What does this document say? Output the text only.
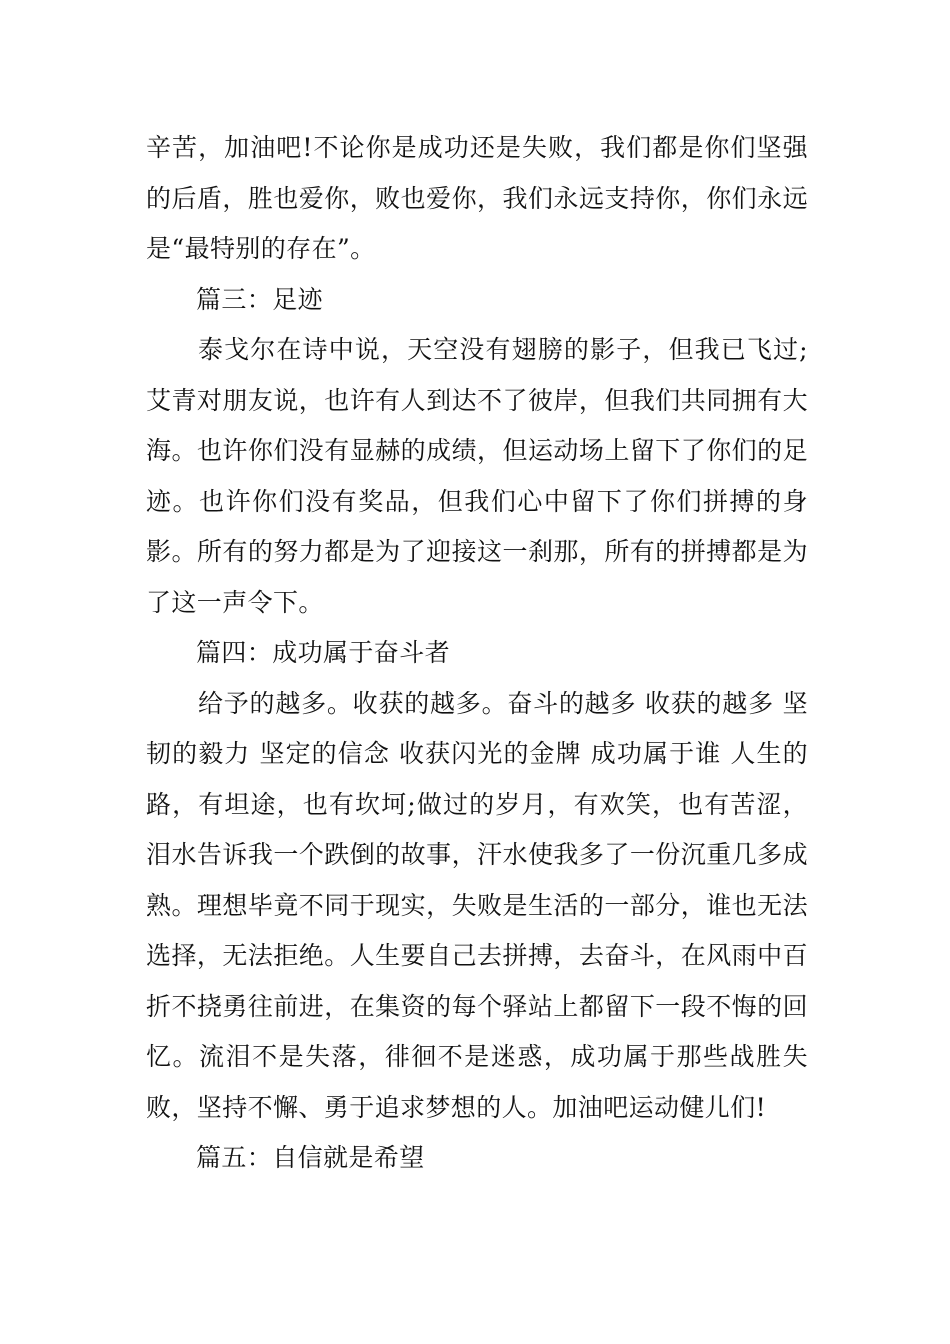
辛苦，加油吧!不论你是成功还是失败，我们都是你们坚强的后盾，胜也爱你，败也爱你，我们永远支持你，你们永远是“最特别的存在”。

篇三：足迹

泰戈尔在诗中说，天空没有翅膀的影子，但我已飞过;艾青对朋友说，也许有人到达不了彼岸，但我们共同拥有大海。也许你们没有显赫的成绩，但运动场上留下了你们的足迹。也许你们没有奖品，但我们心中留下了你们拼搏的身影。所有的努力都是为了迎接这一刹那，所有的拼搏都是为了这一声令下。

篇四：成功属于奋斗者

给予的越多。收获的越多。奋斗的越多 收获的越多 坚韧的毅力 坚定的信念 收获闪光的金牌 成功属于谁 人生的路，有坦途，也有坎坷;做过的岁月，有欢笑，也有苦涩，泪水告诉我一个跌倒的故事，汗水使我多了一份沉重几多成熟。理想毕竟不同于现实，失败是生活的一部分，谁也无法选择，无法拒绝。人生要自己去拼搏，去奋斗，在风雨中百折不挠勇往前进，在集资的每个驿站上都留下一段不悔的回忆。流泪不是失落，徘徊不是迷惑，成功属于那些战胜失败，坚持不懈、勇于追求梦想的人。加油吧运动健儿们!

篇五：自信就是希望
